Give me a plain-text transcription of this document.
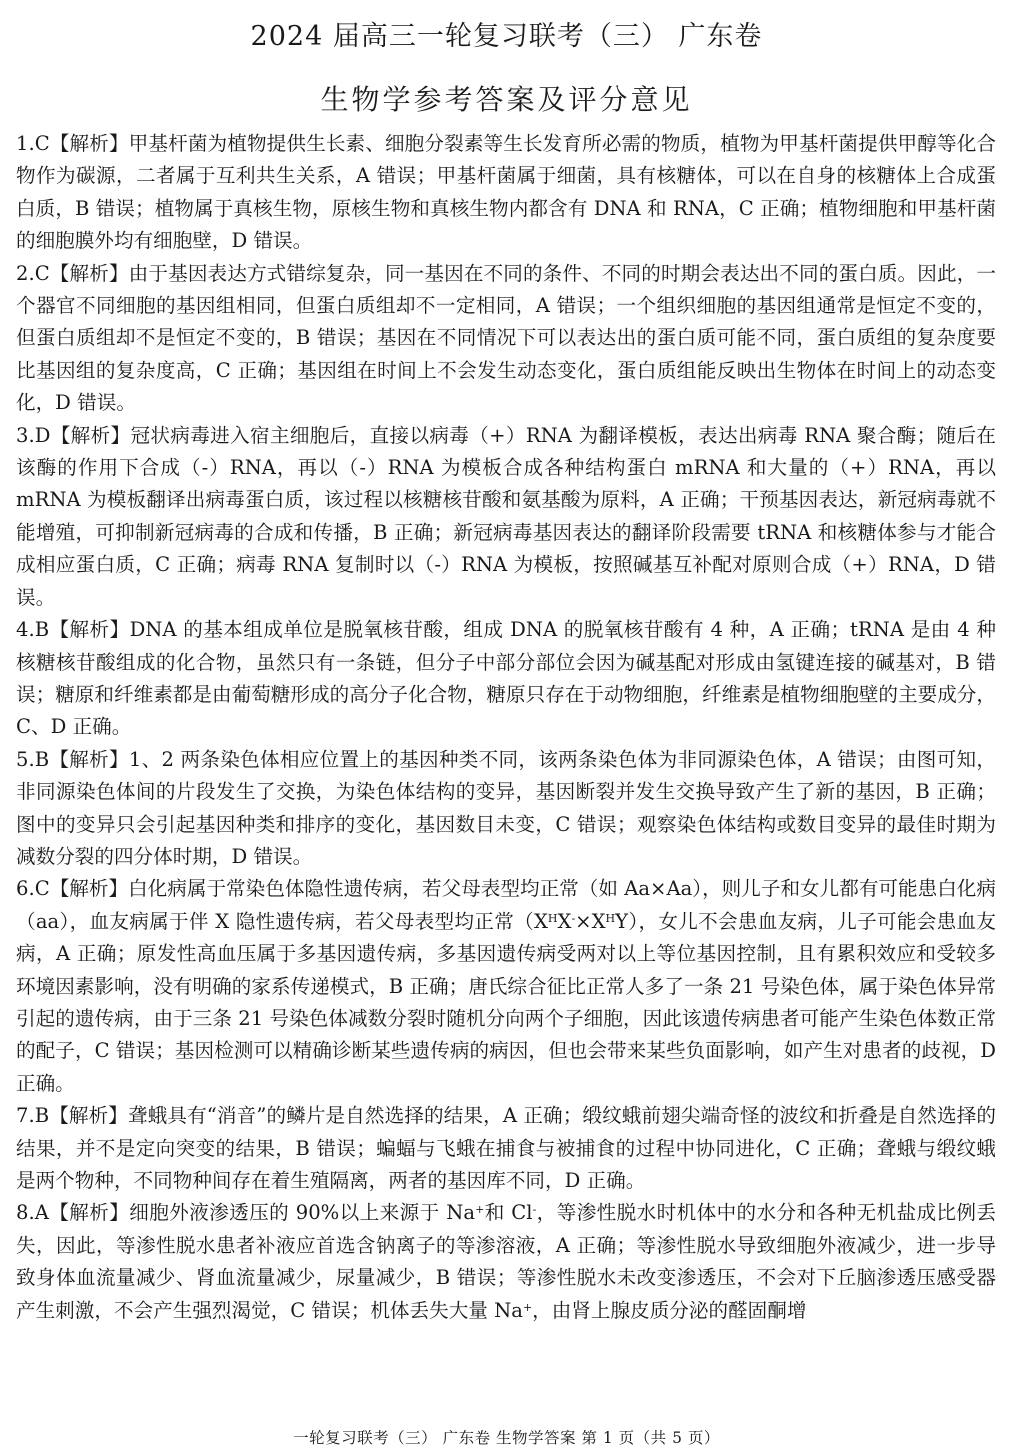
2024 届高三一轮复习联考（三） 广东卷
生物学参考答案及评分意见

1.C【解析】甲基杆菌为植物提供生长素、细胞分裂素等生长发育所必需的物质，植物为甲基杆菌提供甲醇等化合物作为碳源，二者属于互利共生关系，A 错误；甲基杆菌属于细菌，具有核糖体，可以在自身的核糖体上合成蛋白质，B 错误；植物属于真核生物，原核生物和真核生物内都含有 DNA 和 RNA，C 正确；植物细胞和甲基杆菌的细胞膜外均有细胞壁，D 错误。

2.C【解析】由于基因表达方式错综复杂，同一基因在不同的条件、不同的时期会表达出不同的蛋白质。因此，一个器官不同细胞的基因组相同，但蛋白质组却不一定相同，A 错误；一个组织细胞的基因组通常是恒定不变的，但蛋白质组却不是恒定不变的，B 错误；基因在不同情况下可以表达出的蛋白质可能不同，蛋白质组的复杂度要比基因组的复杂度高，C 正确；基因组在时间上不会发生动态变化，蛋白质组能反映出生物体在时间上的动态变化，D 错误。

3.D【解析】冠状病毒进入宿主细胞后，直接以病毒（+）RNA 为翻译模板，表达出病毒 RNA 聚合酶；随后在该酶的作用下合成（-）RNA，再以（-）RNA 为模板合成各种结构蛋白 mRNA 和大量的（+）RNA，再以 mRNA 为模板翻译出病毒蛋白质，该过程以核糖核苷酸和氨基酸为原料，A 正确；干预基因表达，新冠病毒就不能增殖，可抑制新冠病毒的合成和传播，B 正确；新冠病毒基因表达的翻译阶段需要 tRNA 和核糖体参与才能合成相应蛋白质，C 正确；病毒 RNA 复制时以（-）RNA 为模板，按照碱基互补配对原则合成（+）RNA，D 错误。

4.B【解析】DNA 的基本组成单位是脱氧核苷酸，组成 DNA 的脱氧核苷酸有 4 种，A 正确；tRNA 是由 4 种核糖核苷酸组成的化合物，虽然只有一条链，但分子中部分部位会因为碱基配对形成由氢键连接的碱基对，B 错误；糖原和纤维素都是由葡萄糖形成的高分子化合物，糖原只存在于动物细胞，纤维素是植物细胞壁的主要成分，C、D 正确。

5.B【解析】1、2 两条染色体相应位置上的基因种类不同，该两条染色体为非同源染色体，A 错误；由图可知，非同源染色体间的片段发生了交换，为染色体结构的变异，基因断裂并发生交换导致产生了新的基因，B 正确；图中的变异只会引起基因种类和排序的变化，基因数目未变，C 错误；观察染色体结构或数目变异的最佳时期为减数分裂的四分体时期，D 错误。

6.C【解析】白化病属于常染色体隐性遗传病，若父母表型均正常（如 Aa×Aa），则儿子和女儿都有可能患白化病（aa），血友病属于伴 X 隐性遗传病，若父母表型均正常$(X^HX^-\times X^HY)$，女儿不会患血友病，儿子可能会患血友病，A 正确；原发性高血压属于多基因遗传病，多基因遗传病受两对以上等位基因控制，且有累积效应和受较多环境因素影响，没有明确的家系传递模式，B 正确；唐氏综合征比正常人多了一条 21 号染色体，属于染色体异常引起的遗传病，由于三条 21 号染色体减数分裂时随机分向两个子细胞，因此该遗传病患者可能产生染色体数正常的配子，C 错误；基因检测可以精确诊断某些遗传病的病因，但也会带来某些负面影响，如产生对患者的歧视，D 正确。

7.B【解析】聋蛾具有“消音”的鳞片是自然选择的结果，A 正确；缎纹蛾前翅尖端奇怪的波纹和折叠是自然选择的结果，并不是定向突变的结果，B 错误；蝙蝠与飞蛾在捕食与被捕食的过程中协同进化，C 正确；聋蛾与缎纹蛾是两个物种，不同物种间存在着生殖隔离，两者的基因库不同，D 正确。

8.A【解析】细胞外液渗透压的 90%以上来源于 Na+和 Cl-，等渗性脱水时机体中的水分和各种无机盐成比例丢失，因此，等渗性脱水患者补液应首选含钠离子的等渗溶液，A 正确；等渗性脱水导致细胞外液减少，进一步导致身体血流量减少、肾血流量减少，尿量减少，B 错误；等渗性脱水未改变渗透压，不会对下丘脑渗透压感受器产生刺激，不会产生强烈渴觉，C 错误；机体丢失大量 Na+，由肾上腺皮质分泌的醛固酮增

一轮复习联考（三） 广东卷 生物学答案 第 1 页（共 5 页）
